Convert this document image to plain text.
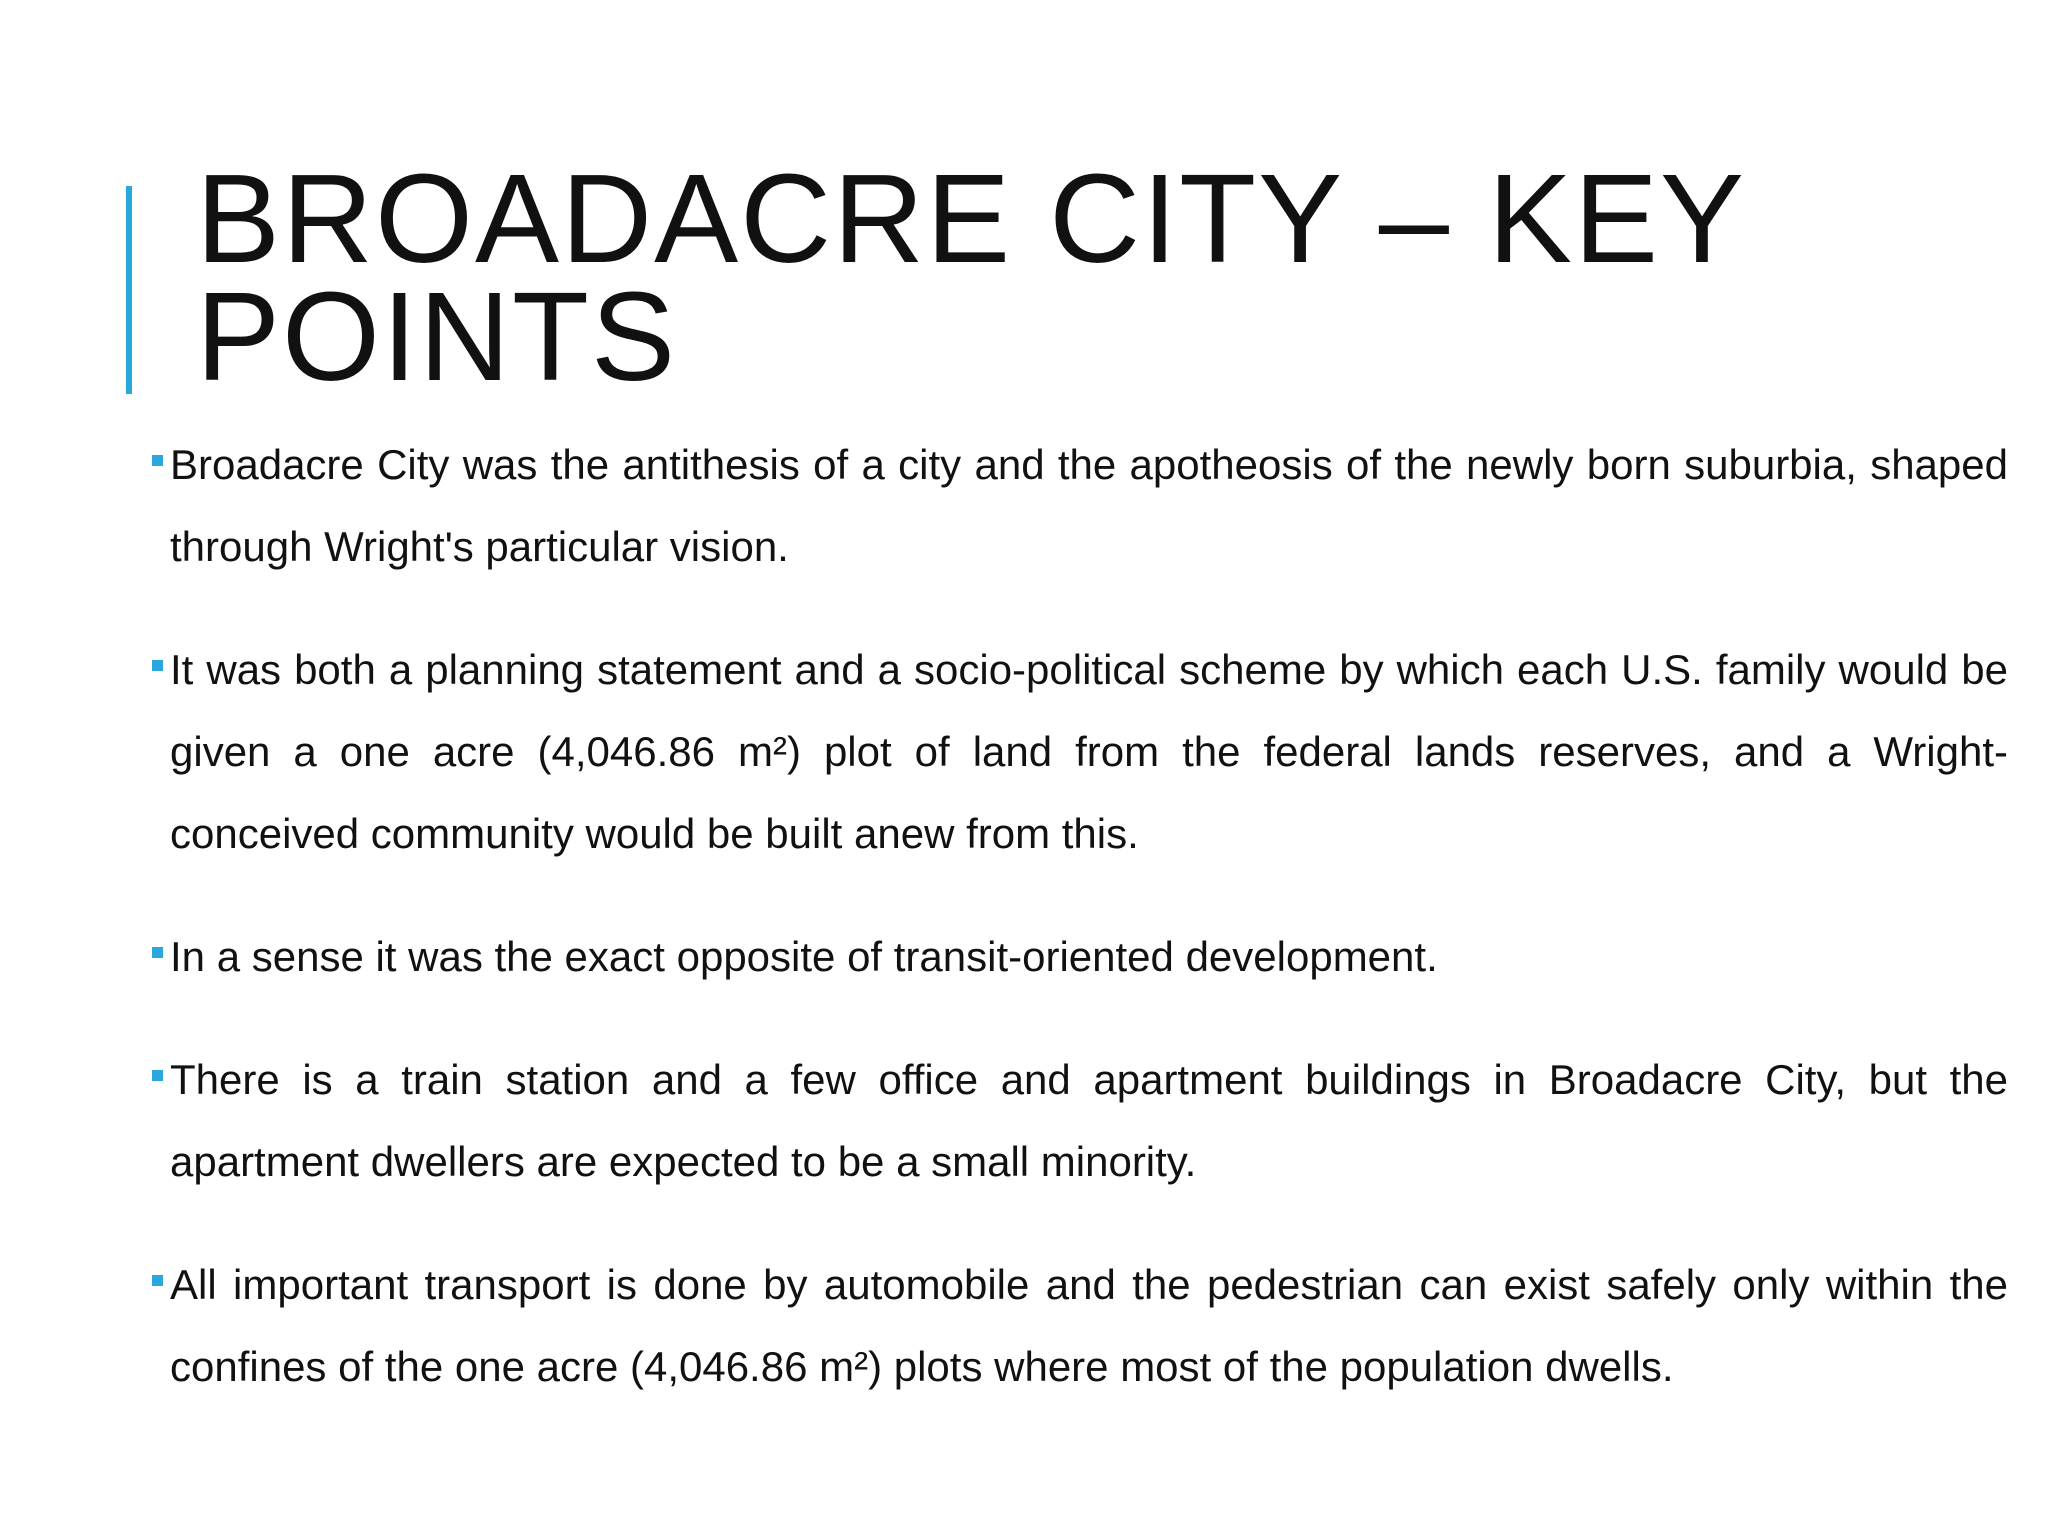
BROADACRE CITY – KEY POINTS
Broadacre City was the antithesis of a city and the apotheosis of the newly born suburbia, shaped through Wright's particular vision.
It was both a planning statement and a socio-political scheme by which each U.S. family would be given a one acre (4,046.86 m²) plot of land from the federal lands reserves, and a Wright-conceived community would be built anew from this.
In a sense it was the exact opposite of transit-oriented development.
There is a train station and a few office and apartment buildings in Broadacre City, but the apartment dwellers are expected to be a small minority.
All important transport is done by automobile and the pedestrian can exist safely only within the confines of the one acre (4,046.86 m²) plots where most of the population dwells.
